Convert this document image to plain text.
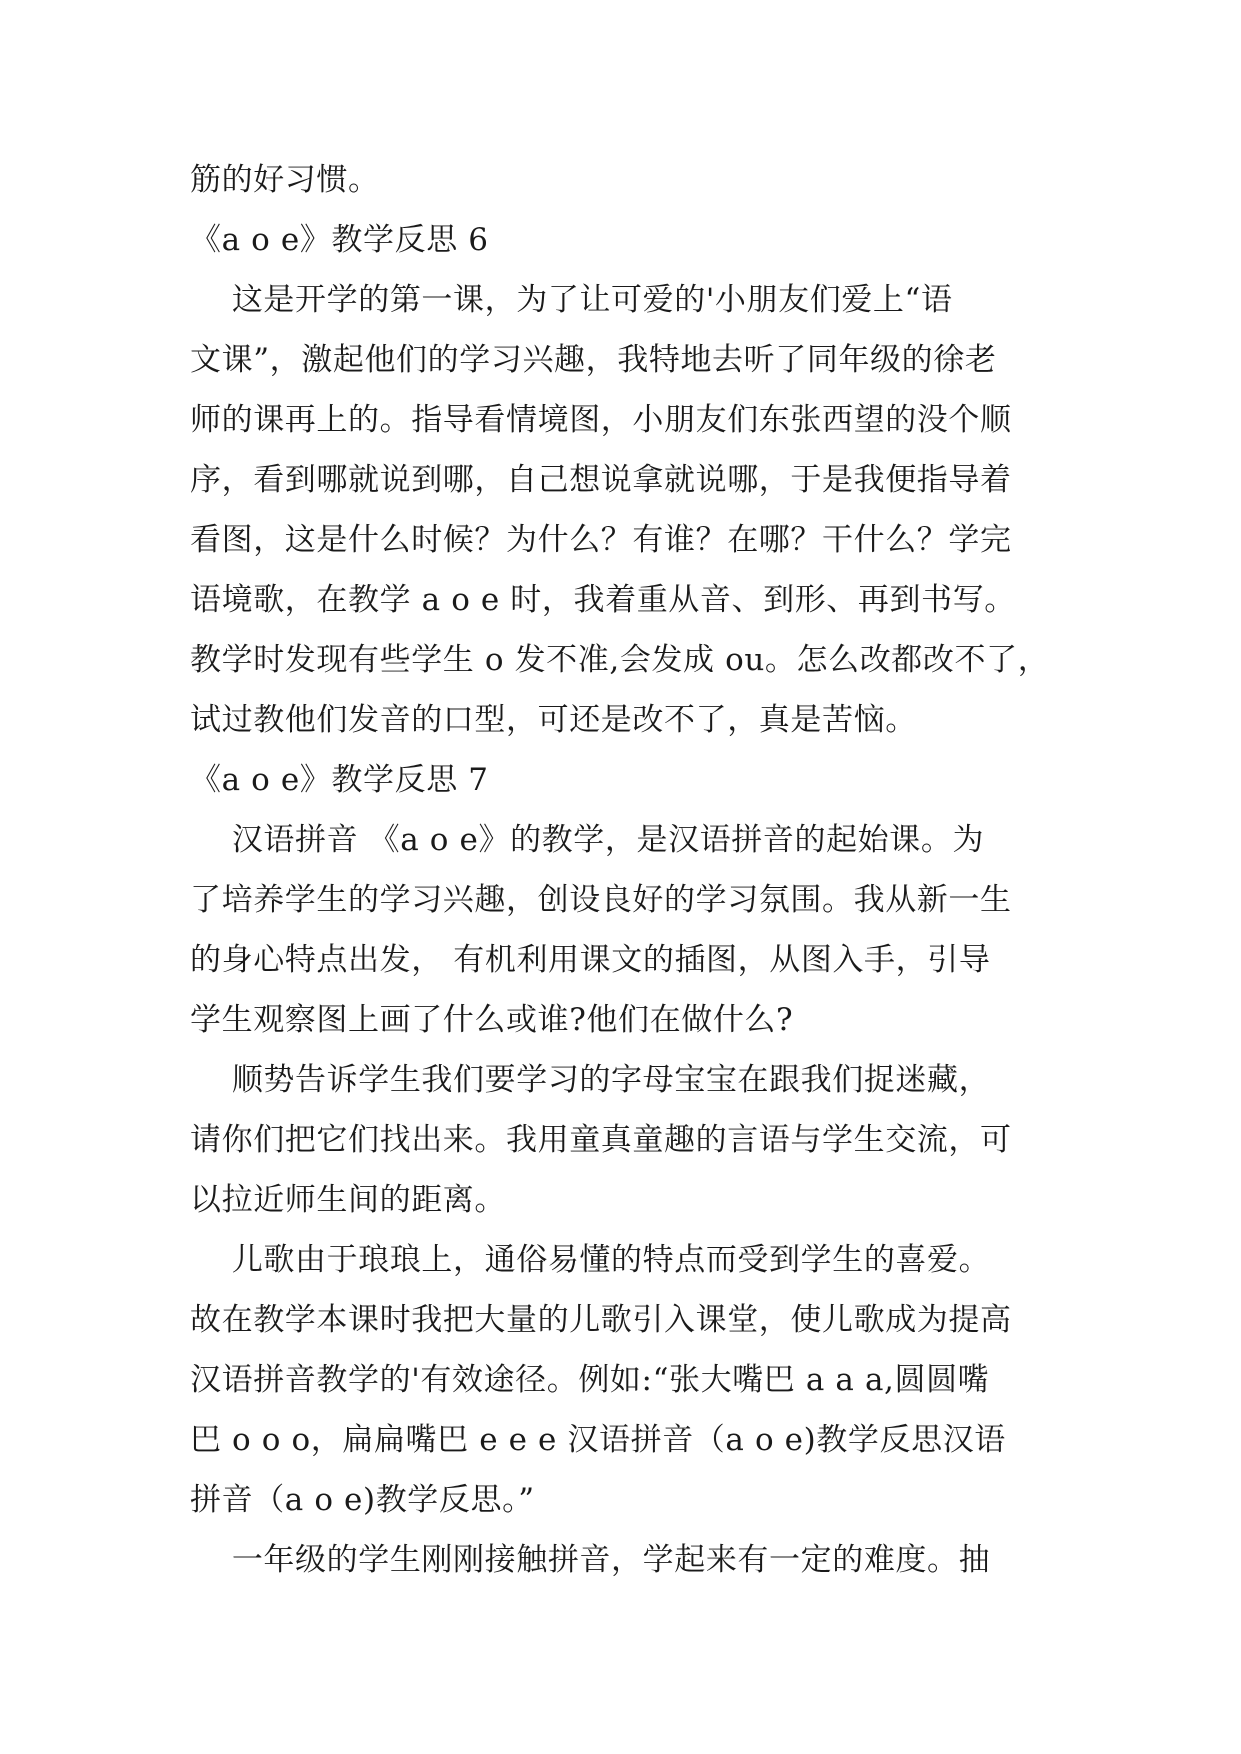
筋的好习惯。
《a o e》教学反思 6
这是开学的第一课，为了让可爱的'小朋友们爱上“语
文课”，激起他们的学习兴趣，我特地去听了同年级的徐老
师的课再上的。指导看情境图，小朋友们东张西望的没个顺
序，看到哪就说到哪，自己想说拿就说哪，于是我便指导着
看图，这是什么时候？为什么？有谁？在哪？干什么？学完
语境歌，在教学 a o e 时，我着重从音、到形、再到书写。
教学时发现有些学生 o 发不准,会发成 ou。怎么改都改不了，
试过教他们发音的口型，可还是改不了，真是苦恼。
《a o e》教学反思 7
汉语拼音 《a o e》的教学，是汉语拼音的起始课。为
了培养学生的学习兴趣，创设良好的学习氛围。我从新一生
的身心特点出发， 有机利用课文的插图，从图入手，引导
学生观察图上画了什么或谁?他们在做什么?
顺势告诉学生我们要学习的字母宝宝在跟我们捉迷藏，
请你们把它们找出来。我用童真童趣的言语与学生交流，可
以拉近师生间的距离。
儿歌由于琅琅上，通俗易懂的特点而受到学生的喜爱。
故在教学本课时我把大量的儿歌引入课堂，使儿歌成为提高
汉语拼音教学的'有效途径。例如:“张大嘴巴 a a a,圆圆嘴
巴 o o o，扁扁嘴巴 e e e 汉语拼音（a o e)教学反思汉语
拼音（a o e)教学反思。”
一年级的学生刚刚接触拼音，学起来有一定的难度。抽
